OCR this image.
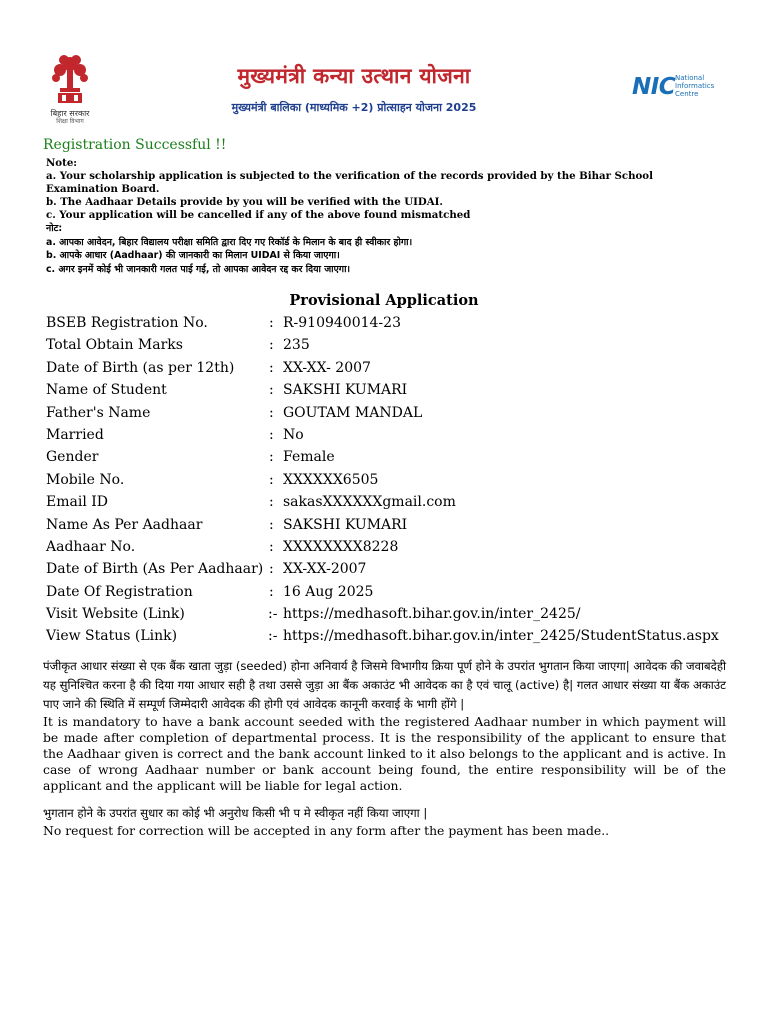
बिहार सरकार
शिक्षा विभाग
मुख्यमंत्री कन्या उत्थान योजना
मुख्यमंत्री बालिका (माध्यमिक +2) प्रोत्साहन योजना 2025
NIC National
Informatics
Centre
Registration Successful !!
Note:
a. Your scholarship application is subjected to the verification of the records provided by the Bihar School Examination Board.
b. The Aadhaar Details provide by you will be verified with the UIDAI.
c. Your application will be cancelled if any of the above found mismatched
नोट:
a. आपका आवेदन, बिहार विद्यालय परीक्षा समिति द्वारा दिए गए रिकॉर्ड के मिलान के बाद ही स्वीकार होगा।
b. आपके आधार (Aadhaar) की जानकारी का मिलान UIDAI से किया जाएगा।
c. अगर इनमें कोई भी जानकारी गलत पाई गई, तो आपका आवेदन रद्द कर दिया जाएगा।
Provisional Application
BSEB Registration No.	: R-910940014-23
Total Obtain Marks	: 235
Date of Birth (as per 12th) : XX-XX- 2007
Name of Student	: SAKSHI KUMARI
Father's Name	: GOUTAM MANDAL
Married	: No
Gender	: Female
Mobile No.	: XXXXXX6505
Email ID	: sakasXXXXXXgmail.com
Name As Per Aadhaar	: SAKSHI KUMARI
Aadhaar No.	: XXXXXXXX8228
Date of Birth (As Per Aadhaar) : XX-XX-2007
Date Of Registration	: 16 Aug 2025
Visit Website (Link)	:- https://medhasoft.bihar.gov.in/inter_2425/
View Status (Link)	:- https://medhasoft.bihar.gov.in/inter_2425/StudentStatus.aspx
पंजीकृत आधार संख्या से एक बैंक खाता जुड़ा (seeded) होना अनिवार्य है जिसमे विभागीय क्रिया पूर्ण होने के उपरांत भुगतान किया जाएगा| आवेदक की जवाबदेही यह सुनिश्चित करना है की दिया गया आधार सही है तथा उससे जुड़ा आ बैंक अकाउंट भी आवेदक का है एवं चालू (active) है| गलत आधार संख्या या बैंक अकाउंट पाए जाने की स्थिति में सम्पूर्ण जिम्मेदारी आवेदक की होगी एवं आवेदक कानूनी करवाई के भागी होंगे |
It is mandatory to have a bank account seeded with the registered Aadhaar number in which payment will be made after completion of departmental process. It is the responsibility of the applicant to ensure that the Aadhaar given is correct and the bank account linked to it also belongs to the applicant and is active. In case of wrong Aadhaar number or bank account being found, the entire responsibility will be of the applicant and the applicant will be liable for legal action.
भुगतान होने के उपरांत सुधार का कोई भी अनुरोध किसी भी प मे स्वीकृत नहीं किया जाएगा |
No request for correction will be accepted in any form after the payment has been made..
